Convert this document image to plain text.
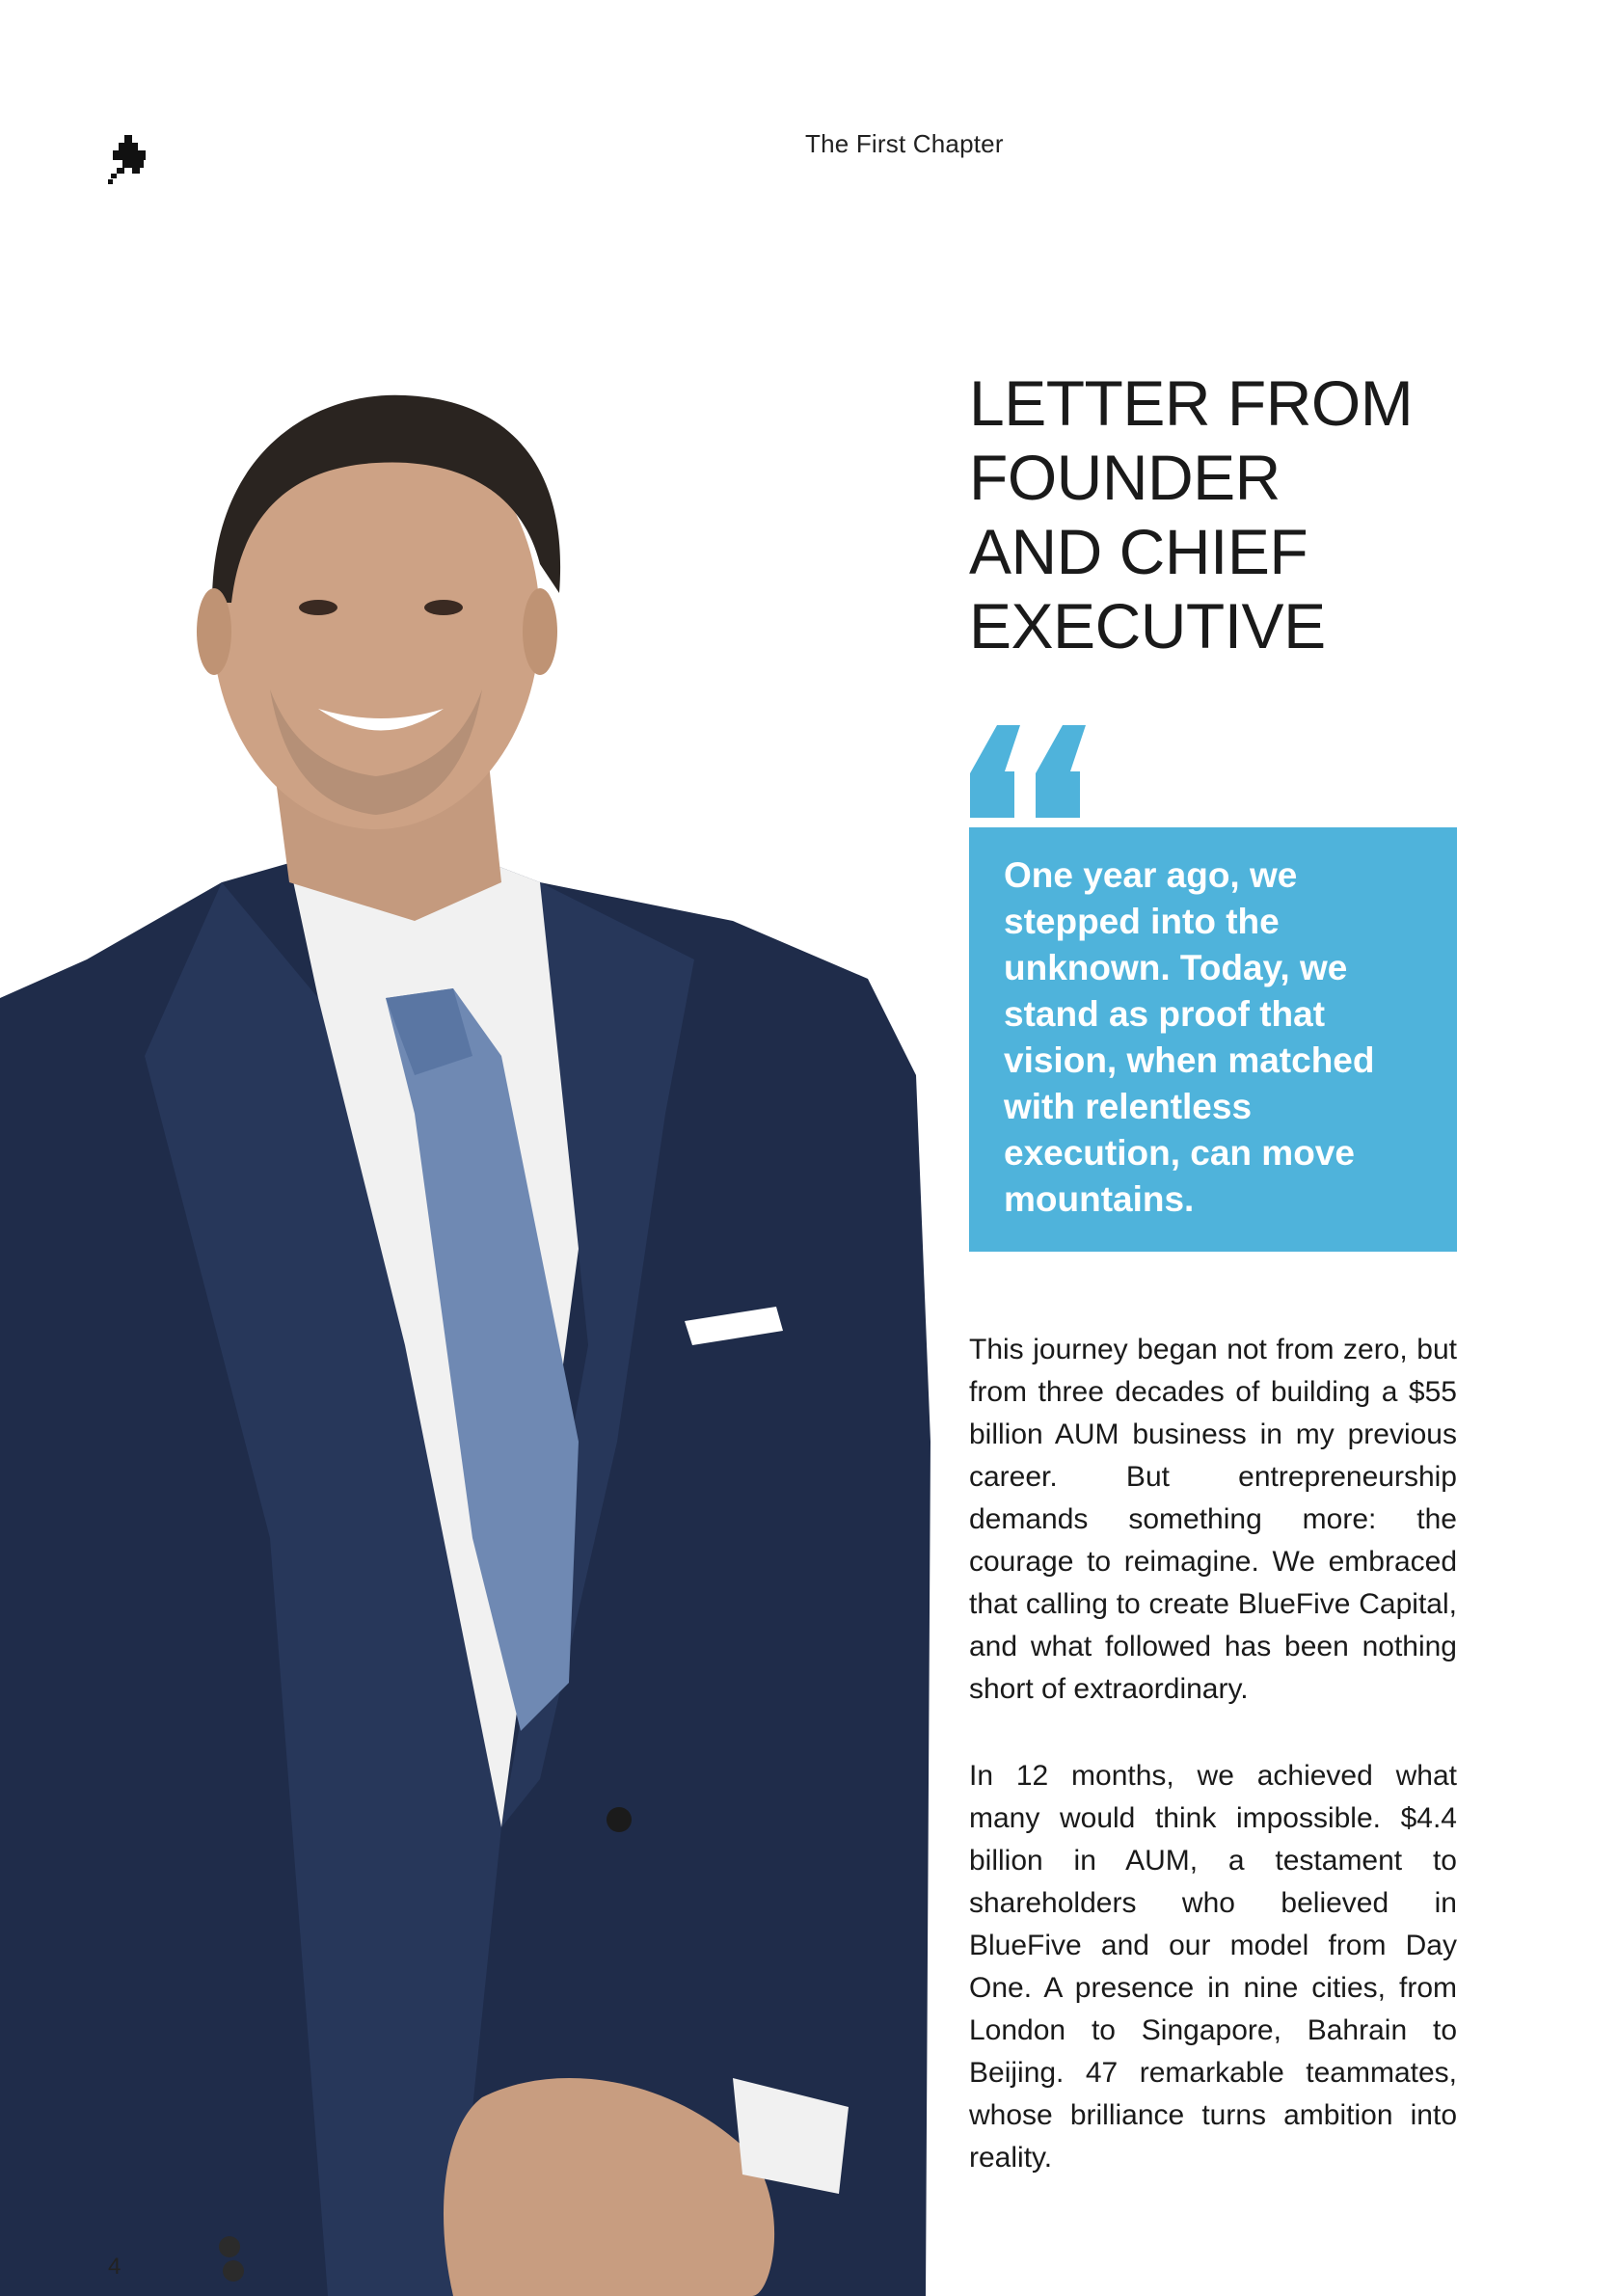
The First Chapter
LETTER FROM
FOUNDER
AND CHIEF
EXECUTIVE

One year ago, we stepped into the unknown. Today, we stand as proof that vision, when matched with relentless execution, can move mountains.

This journey began not from zero, but from three decades of building a $55 billion AUM business in my previous career. But entrepreneurship demands something more: the courage to reimagine. We embraced that calling to create BlueFive Capital, and what followed has been nothing short of extraordinary.

In 12 months, we achieved what many would think impossible. $4.4 billion in AUM, a testament to shareholders who believed in BlueFive and our model from Day One. A presence in nine cities, from London to Singapore, Bahrain to Beijing. 47 remarkable teammates, whose brilliance turns ambition into reality.

4
